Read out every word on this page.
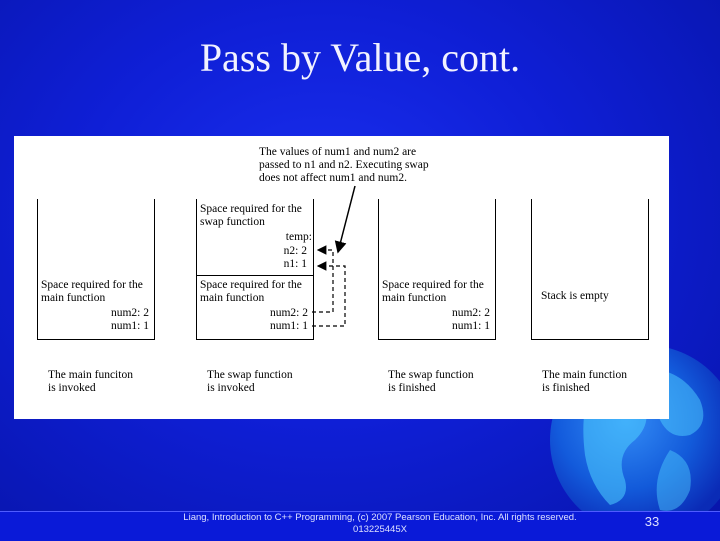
Pass by Value, cont.
The values of num1 and num2 are
passed to n1 and n2. Executing swap
does not affect num1 and num2.
Space required for the
main function
num2: 2
num1: 1
The main funciton
is invoked
Space required for the
swap function
temp:
n2: 2
n1: 1
Space required for the
main function
num2: 2
num1: 1
The swap function
is invoked
Space required for the
main function
num2: 2
num1: 1
The swap function
is finished
Stack is empty
The main function
is finished
Liang, Introduction to C++ Programming, (c) 2007 Pearson Education, Inc. All rights reserved.
013225445X
33
